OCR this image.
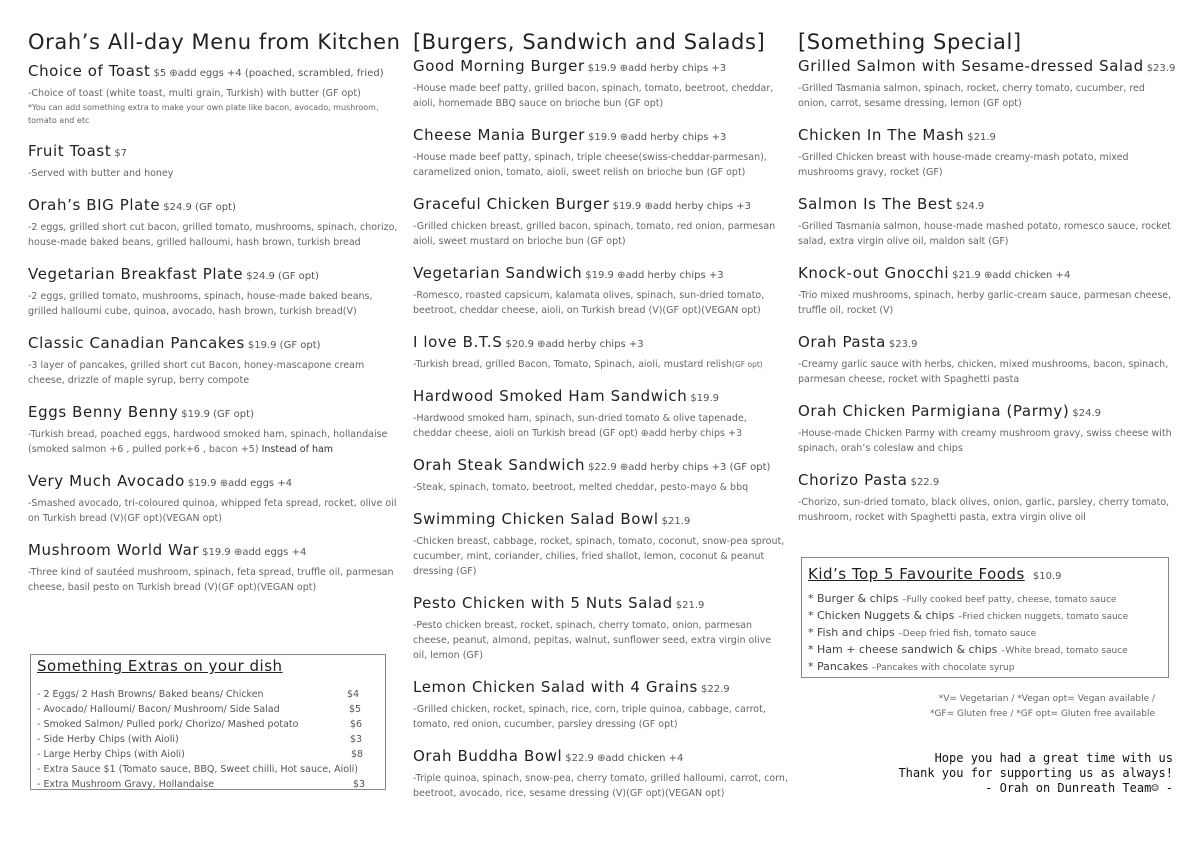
Orah’s All-day Menu from Kitchen
Choice of Toast $5 ⊕add eggs +4 (poached, scrambled, fried)
-Choice of toast (white toast, multi grain, Turkish) with butter (GF opt)
*You can add something extra to make your own plate like bacon, avocado, mushroom, tomato and etc
Fruit Toast $7
-Served with butter and honey
Orah’s BIG Plate $24.9 (GF opt)
-2 eggs, grilled short cut bacon, grilled tomato, mushrooms, spinach, chorizo, house-made baked beans, grilled halloumi, hash brown, turkish bread
Vegetarian Breakfast Plate $24.9 (GF opt)
-2 eggs, grilled tomato, mushrooms, spinach, house-made baked beans, grilled halloumi cube, quinoa, avocado, hash brown, turkish bread(V)
Classic Canadian Pancakes $19.9 (GF opt)
-3 layer of pancakes, grilled short cut Bacon, honey-mascapone cream cheese, drizzle of maple syrup, berry compote
Eggs Benny Benny $19.9 (GF opt)
-Turkish bread, poached eggs, hardwood smoked ham, spinach, hollandaise (smoked salmon +6 , pulled pork+6 , bacon +5) Instead of ham
Very Much Avocado $19.9 ⊕add eggs +4
-Smashed avocado, tri-coloured quinoa, whipped feta spread, rocket, olive oil on Turkish bread (V)(GF opt)(VEGAN opt)
Mushroom World War $19.9 ⊕add eggs +4
-Three kind of sautéed mushroom, spinach, feta spread, truffle oil, parmesan cheese, basil pesto on Turkish bread (V)(GF opt)(VEGAN opt)
Something Extras on your dish
- 2 Eggs/ 2 Hash Browns/ Baked beans/ Chicken	$4
- Avocado/ Halloumi/ Bacon/ Mushroom/ Side Salad	$5
- Smoked Salmon/ Pulled pork/ Chorizo/ Mashed potato	$6
- Side Herby Chips (with Aioli)	$3
- Large Herby Chips (with Aioli)	$8
- Extra Sauce $1 (Tomato sauce, BBQ, Sweet chilli, Hot sauce, Aioli)
- Extra Mushroom Gravy, Hollandaise	$3
[Burgers, Sandwich and Salads]
Good Morning Burger $19.9 ⊕add herby chips +3
-House made beef patty, grilled bacon, spinach, tomato, beetroot, cheddar, aioli, homemade BBQ sauce on brioche bun (GF opt)
Cheese Mania Burger $19.9 ⊕add herby chips +3
-House made beef patty, spinach, triple cheese(swiss-cheddar-parmesan), caramelized onion, tomato, aioli, sweet relish on brioche bun (GF opt)
Graceful Chicken Burger $19.9 ⊕add herby chips +3
-Grilled chicken breast, grilled bacon, spinach, tomato, red onion, parmesan aioli, sweet mustard on brioche bun (GF opt)
Vegetarian Sandwich $19.9 ⊕add herby chips +3
-Romesco, roasted capsicum, kalamata olives, spinach, sun-dried tomato, beetroot, cheddar cheese, aioli, on Turkish bread (V)(GF opt)(VEGAN opt)
I love B.T.S $20.9 ⊕add herby chips +3
-Turkish bread, grilled Bacon, Tomato, Spinach, aioli, mustard relish(GF opt)
Hardwood Smoked Ham Sandwich $19.9
-Hardwood smoked ham, spinach, sun-dried tomato & olive tapenade, cheddar cheese, aioli on Turkish bread (GF opt) ⊕add herby chips +3
Orah Steak Sandwich $22.9 ⊕add herby chips +3 (GF opt)
-Steak, spinach, tomato, beetroot, melted cheddar, pesto-mayo & bbq
Swimming Chicken Salad Bowl $21.9
-Chicken breast, cabbage, rocket, spinach, tomato, coconut, snow-pea sprout, cucumber, mint, coriander, chilies, fried shallot, lemon, coconut & peanut dressing (GF)
Pesto Chicken with 5 Nuts Salad $21.9
-Pesto chicken breast, rocket, spinach, cherry tomato, onion, parmesan cheese, peanut, almond, pepitas, walnut, sunflower seed, extra virgin olive oil, lemon (GF)
Lemon Chicken Salad with 4 Grains $22.9
-Grilled chicken, rocket, spinach, rice, corn, triple quinoa, cabbage, carrot, tomato, red onion, cucumber, parsley dressing (GF opt)
Orah Buddha Bowl $22.9 ⊕add chicken +4
-Triple quinoa, spinach, snow-pea, cherry tomato, grilled halloumi, carrot, corn, beetroot, avocado, rice, sesame dressing (V)(GF opt)(VEGAN opt)
[Something Special]
Grilled Salmon with Sesame-dressed Salad $23.9
-Grilled Tasmania salmon, spinach, rocket, cherry tomato, cucumber, red onion, carrot, sesame dressing, lemon (GF opt)
Chicken In The Mash $21.9
-Grilled Chicken breast with house-made creamy-mash potato, mixed mushrooms gravy, rocket (GF)
Salmon Is The Best $24.9
-Grilled Tasmania salmon, house-made mashed potato, romesco sauce, rocket salad, extra virgin olive oil, maldon salt (GF)
Knock-out Gnocchi $21.9 ⊕add chicken +4
-Trio mixed mushrooms, spinach, herby garlic-cream sauce, parmesan cheese, truffle oil, rocket (V)
Orah Pasta $23.9
-Creamy garlic sauce with herbs, chicken, mixed mushrooms, bacon, spinach, parmesan cheese, rocket with Spaghetti pasta
Orah Chicken Parmigiana (Parmy) $24.9
-House-made Chicken Parmy with creamy mushroom gravy, swiss cheese with spinach, orah’s coleslaw and chips
Chorizo Pasta $22.9
-Chorizo, sun-dried tomato, black olives, onion, garlic, parsley, cherry tomato, mushroom, rocket with Spaghetti pasta, extra virgin olive oil
Kid’s Top 5 Favourite Foods $10.9
* Burger & chips –Fully cooked beef patty, cheese, tomato sauce
* Chicken Nuggets & chips –Fried chicken nuggets, tomato sauce
* Fish and chips –Deep fried fish, tomato sauce
* Ham + cheese sandwich & chips –White bread, tomato sauce
* Pancakes –Pancakes with chocolate syrup
*V= Vegetarian / *Vegan opt= Vegan available /
*GF= Gluten free / *GF opt= Gluten free available
Hope you had a great time with us
Thank you for supporting us as always!
- Orah on Dunreath Team☺ -
